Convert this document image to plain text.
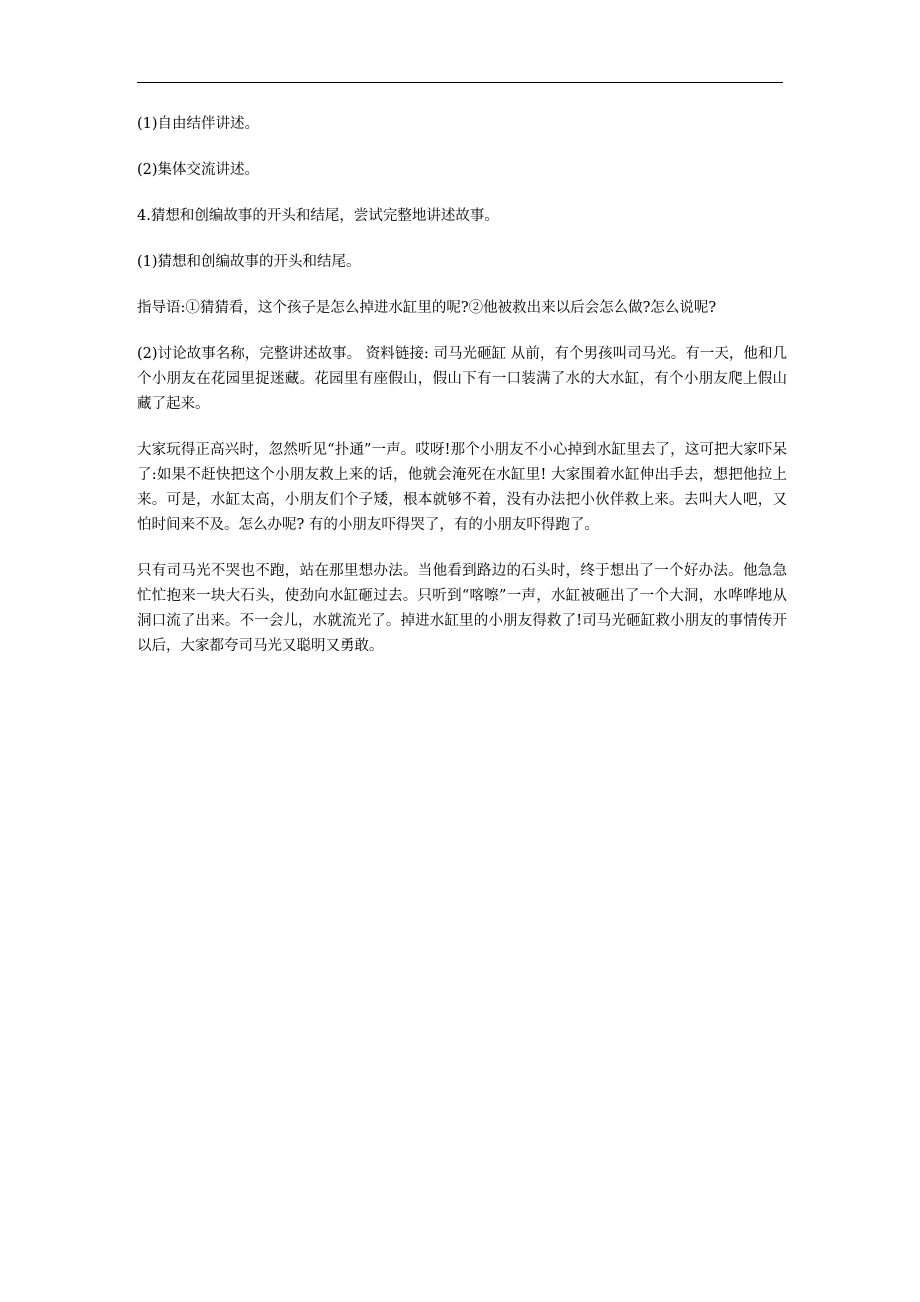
(1)自由结伴讲述。

(2)集体交流讲述。

4.猜想和创编故事的开头和结尾，尝试完整地讲述故事。

(1)猜想和创编故事的开头和结尾。

指导语:①猜猜看，这个孩子是怎么掉进水缸里的呢?②他被救出来以后会怎么做?怎么说呢?

(2)讨论故事名称，完整讲述故事。 资料链接: 司马光砸缸 从前，有个男孩叫司马光。有一天，他和几个小朋友在花园里捉迷藏。花园里有座假山，假山下有一口装满了水的大水缸，有个小朋友爬上假山藏了起来。

大家玩得正高兴时，忽然听见“扑通”一声。哎呀!那个小朋友不小心掉到水缸里去了，这可把大家吓呆了:如果不赶快把这个小朋友救上来的话，他就会淹死在水缸里! 大家围着水缸伸出手去，想把他拉上来。可是，水缸太高，小朋友们个子矮，根本就够不着，没有办法把小伙伴救上来。去叫大人吧，又怕时间来不及。怎么办呢? 有的小朋友吓得哭了，有的小朋友吓得跑了。

只有司马光不哭也不跑，站在那里想办法。当他看到路边的石头时，终于想出了一个好办法。他急急忙忙抱来一块大石头，使劲向水缸砸过去。只听到“喀嚓”一声，水缸被砸出了一个大洞，水哗哗地从洞口流了出来。不一会儿，水就流光了。掉进水缸里的小朋友得救了!司马光砸缸救小朋友的事情传开以后，大家都夸司马光又聪明又勇敢。
